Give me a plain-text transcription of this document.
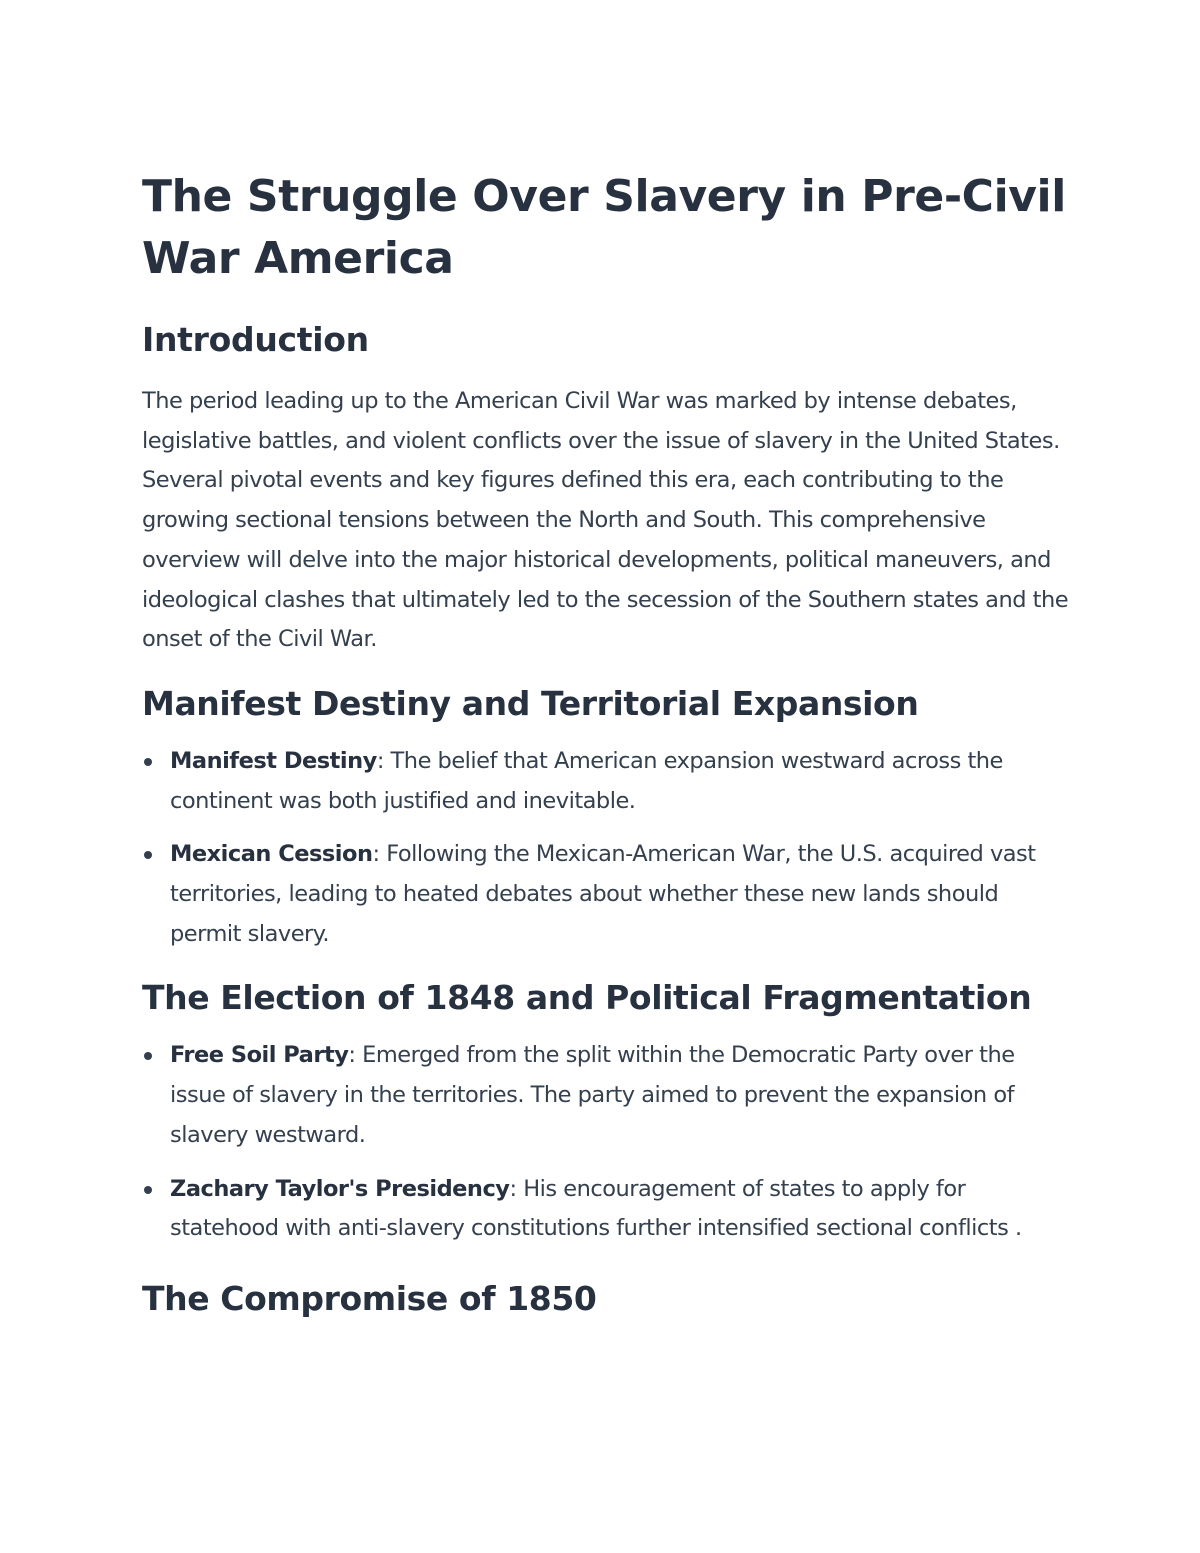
The Struggle Over Slavery in Pre-Civil War America
Introduction

The period leading up to the American Civil War was marked by intense debates, legislative battles, and violent conflicts over the issue of slavery in the United States. Several pivotal events and key figures defined this era, each contributing to the growing sectional tensions between the North and South. This comprehensive overview will delve into the major historical developments, political maneuvers, and ideological clashes that ultimately led to the secession of the Southern states and the onset of the Civil War.

Manifest Destiny and Territorial Expansion
Manifest Destiny: The belief that American expansion westward across the continent was both justified and inevitable.
Mexican Cession: Following the Mexican-American War, the U.S. acquired vast territories, leading to heated debates about whether these new lands should permit slavery.
The Election of 1848 and Political Fragmentation
Free Soil Party: Emerged from the split within the Democratic Party over the issue of slavery in the territories. The party aimed to prevent the expansion of slavery westward.
Zachary Taylor's Presidency: His encouragement of states to apply for statehood with anti-slavery constitutions further intensified sectional conflicts .
The Compromise of 1850
